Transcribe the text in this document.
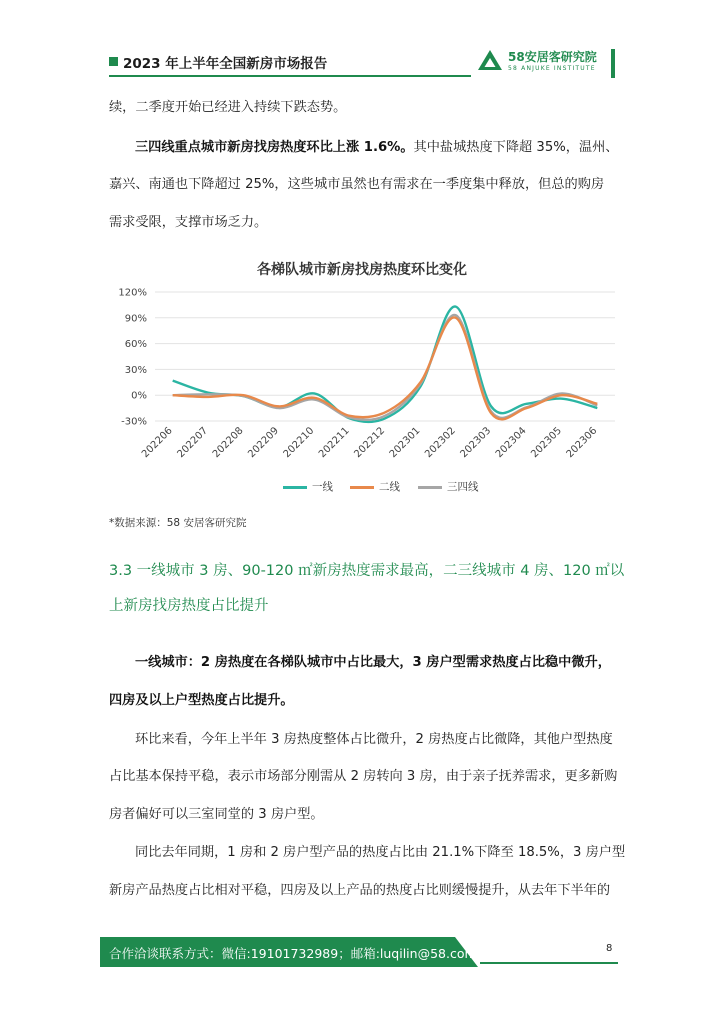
2023 年上半年全国新房市场报告	58安居客研究院
58 ANJUKE INSTITUTE
续，二季度开始已经进入持续下跌态势。
三四线重点城市新房找房热度环比上涨 1.6%。其中盐城热度下降超 35%，温州、
嘉兴、南通也下降超过 25%，这些城市虽然也有需求在一季度集中释放，但总的购房
需求受限，支撑市场乏力。
各梯队城市新房找房热度环比变化
120%
90%
60%
30%
0%
-30%
202206 202207 202208 202209 202210 202211 202212 202301 202302 202303 202304 202305 202306
一线	二线	三四线
*数据来源：58 安居客研究院
3.3 一线城市 3 房、90-120 ㎡新房热度需求最高，二三线城市 4 房、120 ㎡以
上新房找房热度占比提升
一线城市：2 房热度在各梯队城市中占比最大，3 房户型需求热度占比稳中微升，
四房及以上户型热度占比提升。
环比来看，今年上半年 3 房热度整体占比微升，2 房热度占比微降，其他户型热度
占比基本保持平稳，表示市场部分刚需从 2 房转向 3 房，由于亲子抚养需求，更多新购
房者偏好可以三室同堂的 3 房户型。
同比去年同期，1 房和 2 房户型产品的热度占比由 21.1%下降至 18.5%，3 房户型
新房产品热度占比相对平稳，四房及以上产品的热度占比则缓慢提升，从去年下半年的
合作洽谈联系方式：微信:19101732989；邮箱:luqilin@58.com;	8
